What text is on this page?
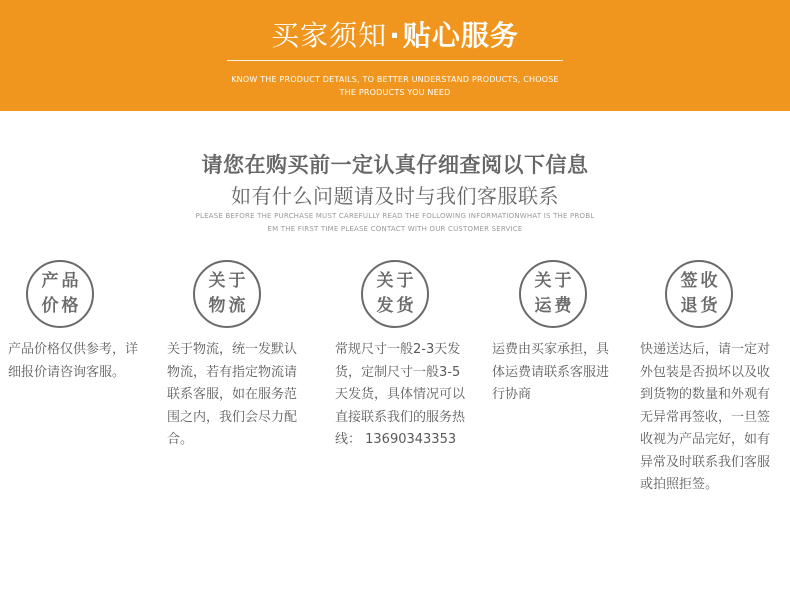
买家须知·贴心服务
KNOW THE PRODUCT DETAILS, TO BETTER UNDERSTAND PRODUCTS, CHOOSE
THE PRODUCTS YOU NEED
请您在购买前一定认真仔细查阅以下信息
如有什么问题请及时与我们客服联系
PLEASE BEFORE THE PURCHASE MUST CAREFULLY READ THE FOLLOWING INFORMATIONWHAT IS THE PROBL
EM THE FIRST TIME PLEASE CONTACT WITH OUR CUSTOMER SERVICE
产品
价格
产品价格仅供参考，详
细报价请咨询客服。
关于
物流
关于物流，统一发默认
物流，若有指定物流请
联系客服，如在服务范
围之内，我们会尽力配
合。
关于
发货
常规尺寸一般2-3天发
货，定制尺寸一般3-5
天发货，具体情况可以
直接联系我们的服务热
线： 13690343353
关于
运费
运费由买家承担，具
体运费请联系客服进
行协商
签收
退货
快递送达后，请一定对
外包装是否损坏以及收
到货物的数量和外观有
无异常再签收，一旦签
收视为产品完好，如有
异常及时联系我们客服
或拍照拒签。
